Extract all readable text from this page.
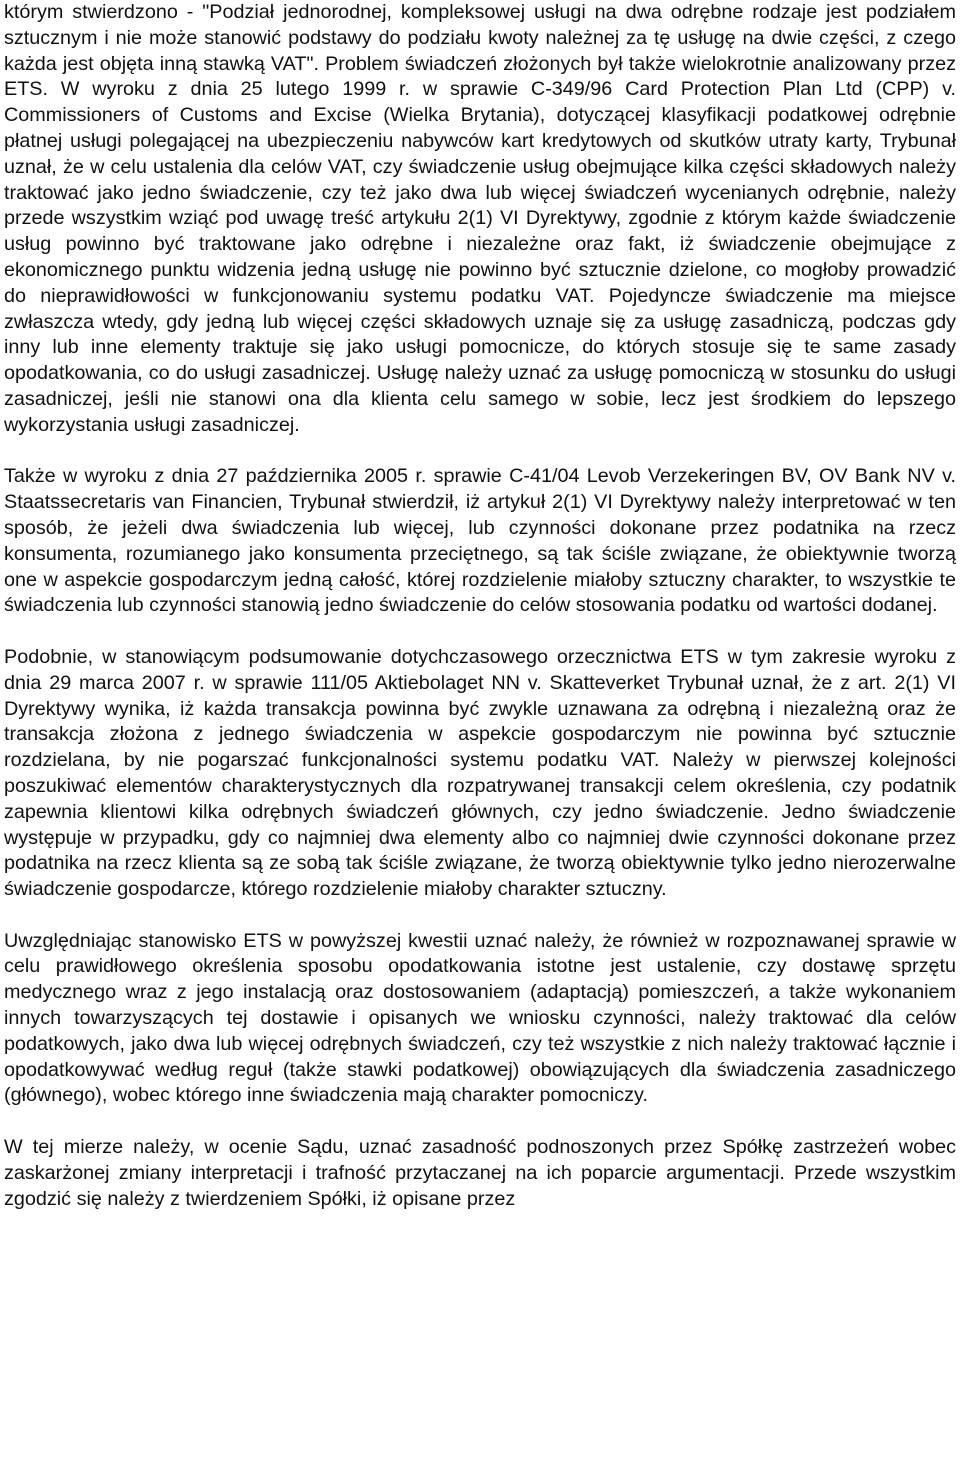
którym stwierdzono - "Podział jednorodnej, kompleksowej usługi na dwa odrębne rodzaje jest podziałem sztucznym i nie może stanowić podstawy do podziału kwoty należnej za tę usługę na dwie części, z czego każda jest objęta inną stawką VAT". Problem świadczeń złożonych był także wielokrotnie analizowany przez ETS. W wyroku z dnia 25 lutego 1999 r. w sprawie C-349/96 Card Protection Plan Ltd (CPP) v. Commissioners of Customs and Excise (Wielka Brytania), dotyczącej klasyfikacji podatkowej odrębnie płatnej usługi polegającej na ubezpieczeniu nabywców kart kredytowych od skutków utraty karty, Trybunał uznał, że w celu ustalenia dla celów VAT, czy świadczenie usług obejmujące kilka części składowych należy traktować jako jedno świadczenie, czy też jako dwa lub więcej świadczeń wycenianych odrębnie, należy przede wszystkim wziąć pod uwagę treść artykułu 2(1) VI Dyrektywy, zgodnie z którym każde świadczenie usług powinno być traktowane jako odrębne i niezależne oraz fakt, iż świadczenie obejmujące z ekonomicznego punktu widzenia jedną usługę nie powinno być sztucznie dzielone, co mogłoby prowadzić do nieprawidłowości w funkcjonowaniu systemu podatku VAT. Pojedyncze świadczenie ma miejsce zwłaszcza wtedy, gdy jedną lub więcej części składowych uznaje się za usługę zasadniczą, podczas gdy inny lub inne elementy traktuje się jako usługi pomocnicze, do których stosuje się te same zasady opodatkowania, co do usługi zasadniczej. Usługę należy uznać za usługę pomocniczą w stosunku do usługi zasadniczej, jeśli nie stanowi ona dla klienta celu samego w sobie, lecz jest środkiem do lepszego wykorzystania usługi zasadniczej.

Także w wyroku z dnia 27 października 2005 r. sprawie C-41/04 Levob Verzekeringen BV, OV Bank NV v. Staatssecretaris van Financien, Trybunał stwierdził, iż artykuł 2(1) VI Dyrektywy należy interpretować w ten sposób, że jeżeli dwa świadczenia lub więcej, lub czynności dokonane przez podatnika na rzecz konsumenta, rozumianego jako konsumenta przeciętnego, są tak ściśle związane, że obiektywnie tworzą one w aspekcie gospodarczym jedną całość, której rozdzielenie miałoby sztuczny charakter, to wszystkie te świadczenia lub czynności stanowią jedno świadczenie do celów stosowania podatku od wartości dodanej.

Podobnie, w stanowiącym podsumowanie dotychczasowego orzecznictwa ETS w tym zakresie wyroku z dnia 29 marca 2007 r. w sprawie 111/05 Aktiebolaget NN v. Skatteverket Trybunał uznał, że z art. 2(1) VI Dyrektywy wynika, iż każda transakcja powinna być zwykle uznawana za odrębną i niezależną oraz że transakcja złożona z jednego świadczenia w aspekcie gospodarczym nie powinna być sztucznie rozdzielana, by nie pogarszać funkcjonalności systemu podatku VAT. Należy w pierwszej kolejności poszukiwać elementów charakterystycznych dla rozpatrywanej transakcji celem określenia, czy podatnik zapewnia klientowi kilka odrębnych świadczeń głównych, czy jedno świadczenie. Jedno świadczenie występuje w przypadku, gdy co najmniej dwa elementy albo co najmniej dwie czynności dokonane przez podatnika na rzecz klienta są ze sobą tak ściśle związane, że tworzą obiektywnie tylko jedno nierozerwalne świadczenie gospodarcze, którego rozdzielenie miałoby charakter sztuczny.

Uwzględniając stanowisko ETS w powyższej kwestii uznać należy, że również w rozpoznawanej sprawie w celu prawidłowego określenia sposobu opodatkowania istotne jest ustalenie, czy dostawę sprzętu medycznego wraz z jego instalacją oraz dostosowaniem (adaptacją) pomieszczeń, a także wykonaniem innych towarzyszących tej dostawie i opisanych we wniosku czynności, należy traktować dla celów podatkowych, jako dwa lub więcej odrębnych świadczeń, czy też wszystkie z nich należy traktować łącznie i opodatkowywać według reguł (także stawki podatkowej) obowiązujących dla świadczenia zasadniczego (głównego), wobec którego inne świadczenia mają charakter pomocniczy.

W tej mierze należy, w ocenie Sądu, uznać zasadność podnoszonych przez Spółkę zastrzeżeń wobec zaskarżonej zmiany interpretacji i trafność przytaczanej na ich poparcie argumentacji. Przede wszystkim zgodzić się należy z twierdzeniem Spółki, iż opisane przez
